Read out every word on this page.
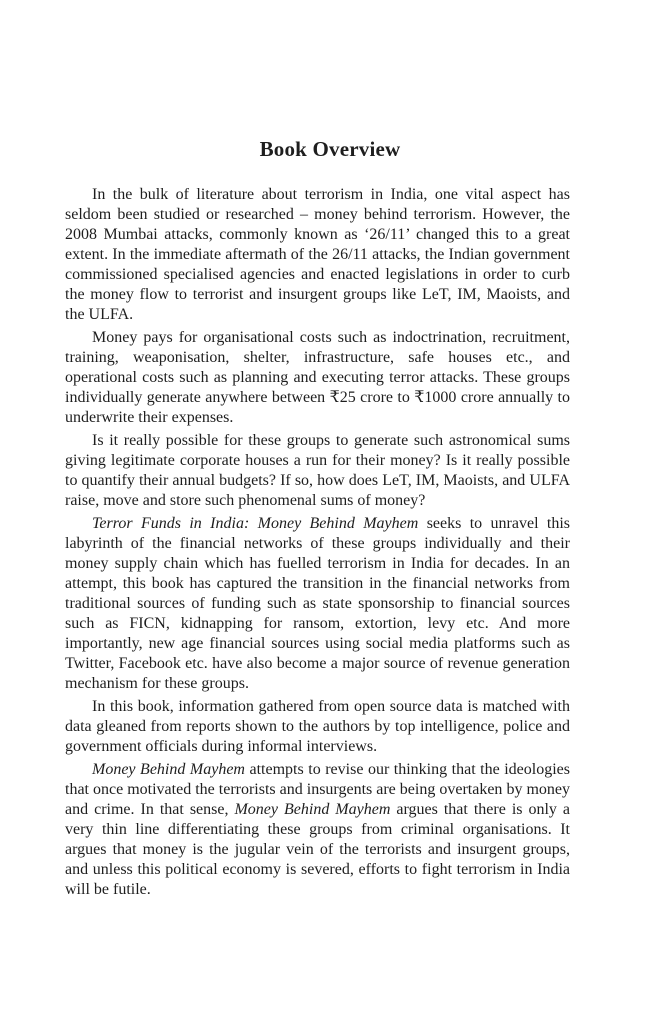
Book Overview

In the bulk of literature about terrorism in India, one vital aspect has seldom been studied or researched – money behind terrorism. However, the 2008 Mumbai attacks, commonly known as ‘26/11’ changed this to a great extent. In the immediate aftermath of the 26/11 attacks, the Indian government commissioned specialised agencies and enacted legislations in order to curb the money flow to terrorist and insurgent groups like LeT, IM, Maoists, and the ULFA.

Money pays for organisational costs such as indoctrination, recruitment, training, weaponisation, shelter, infrastructure, safe houses etc., and operational costs such as planning and executing terror attacks. These groups individually generate anywhere between ₹25 crore to ₹1000 crore annually to underwrite their expenses.

Is it really possible for these groups to generate such astronomical sums giving legitimate corporate houses a run for their money? Is it really possible to quantify their annual budgets? If so, how does LeT, IM, Maoists, and ULFA raise, move and store such phenomenal sums of money?

Terror Funds in India: Money Behind Mayhem seeks to unravel this labyrinth of the financial networks of these groups individually and their money supply chain which has fuelled terrorism in India for decades. In an attempt, this book has captured the transition in the financial networks from traditional sources of funding such as state sponsorship to financial sources such as FICN, kidnapping for ransom, extortion, levy etc. And more importantly, new age financial sources using social media platforms such as Twitter, Facebook etc. have also become a major source of revenue generation mechanism for these groups.

In this book, information gathered from open source data is matched with data gleaned from reports shown to the authors by top intelligence, police and government officials during informal interviews.

Money Behind Mayhem attempts to revise our thinking that the ideologies that once motivated the terrorists and insurgents are being overtaken by money and crime. In that sense, Money Behind Mayhem argues that there is only a very thin line differentiating these groups from criminal organisations. It argues that money is the jugular vein of the terrorists and insurgent groups, and unless this political economy is severed, efforts to fight terrorism in India will be futile.
